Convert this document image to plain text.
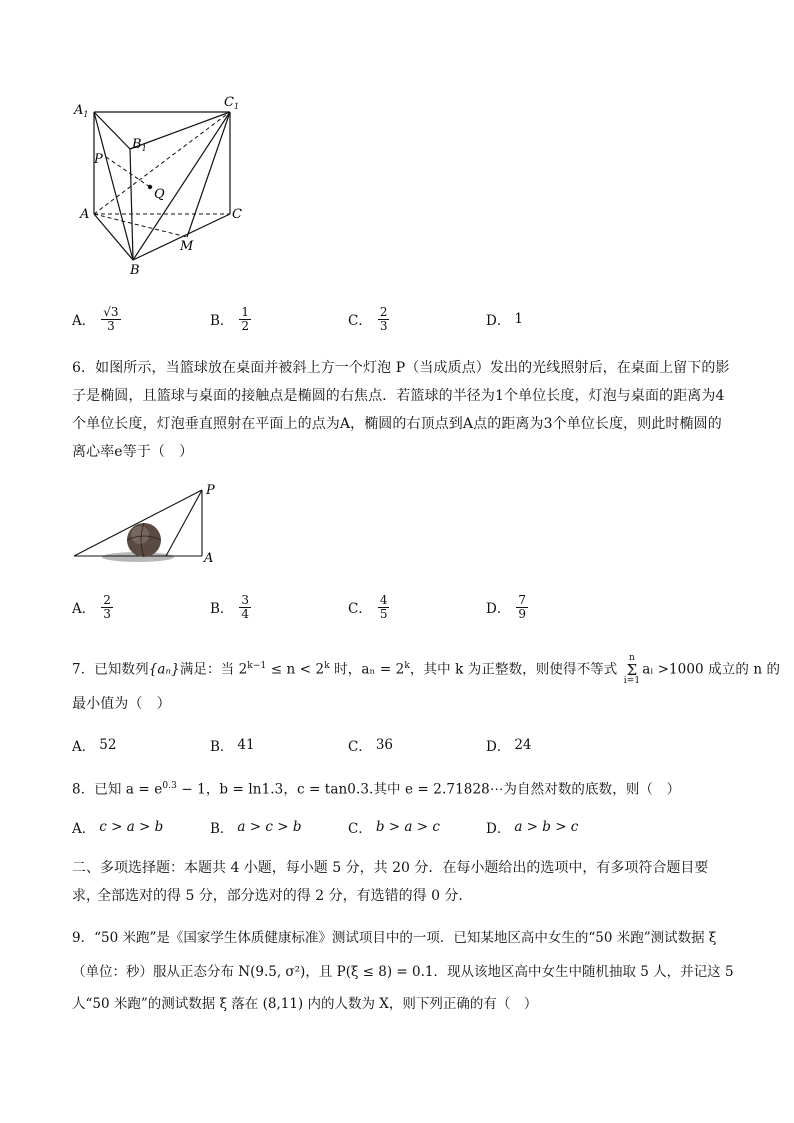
$A_1$
$C_1$
$B_1$
P
Q
A	C
M
B
A． $\frac{√3}{3}$	B． $\frac{1}{2}$	C． $\frac{2}{3}$	D． 1
6．如图所示，当篮球放在桌面并被斜上方一个灯泡 P（当成质点）发出的光线照射后，在桌面上留下的影子是椭圆，且篮球与桌面的接触点是椭圆的右焦点．若篮球的半径为1个单位长度，灯泡与桌面的距离为4个单位长度，灯泡垂直照射在平面上的点为A，椭圆的右顶点到A点的距离为3个单位长度，则此时椭圆的离心率e等于（　）
P
A
A． $\frac{2}{3}$	B． $\frac{3}{4}$	C． $\frac{4}{5}$	D． $\frac{7}{9}$
7．已知数列{aₙ}满足：当 $2^{k-1} \le n < 2^k$ 时，$a_n = 2^k$，其中 k 为正整数，则使得不等式
n
Σ
i=1
aᵢ >1000 成立的 n 的
最小值为（　）
A． 52	B． 41	C． 36	D． 24
8．已知 $a = e^{0.3} - 1$，b = ln1.3，c = tan0.3.其中 e = 2.71828⋯为自然对数的底数，则（　）
A． c > a > b	B． a > c > b	C． b > a > c	D． a > b > c
二、多项选择题：本题共 4 小题，每小题 5 分，共 20 分．在每小题给出的选项中，有多项符合题目要求，
全部选对的得 5 分，部分选对的得 2 分，有选错的得 0 分．
9．“50 米跑”是《国家学生体质健康标准》测试项目中的一项．已知某地区高中女生的“50 米跑”测试数据 ξ
（单位：秒）服从正态分布 N(9.5, σ²)，且 P(ξ ≤ 8) = 0.1．现从该地区高中女生中随机抽取 5 人，并记这 5
人“50 米跑”的测试数据 ξ 落在 (8,11) 内的人数为 X，则下列正确的有（　）
